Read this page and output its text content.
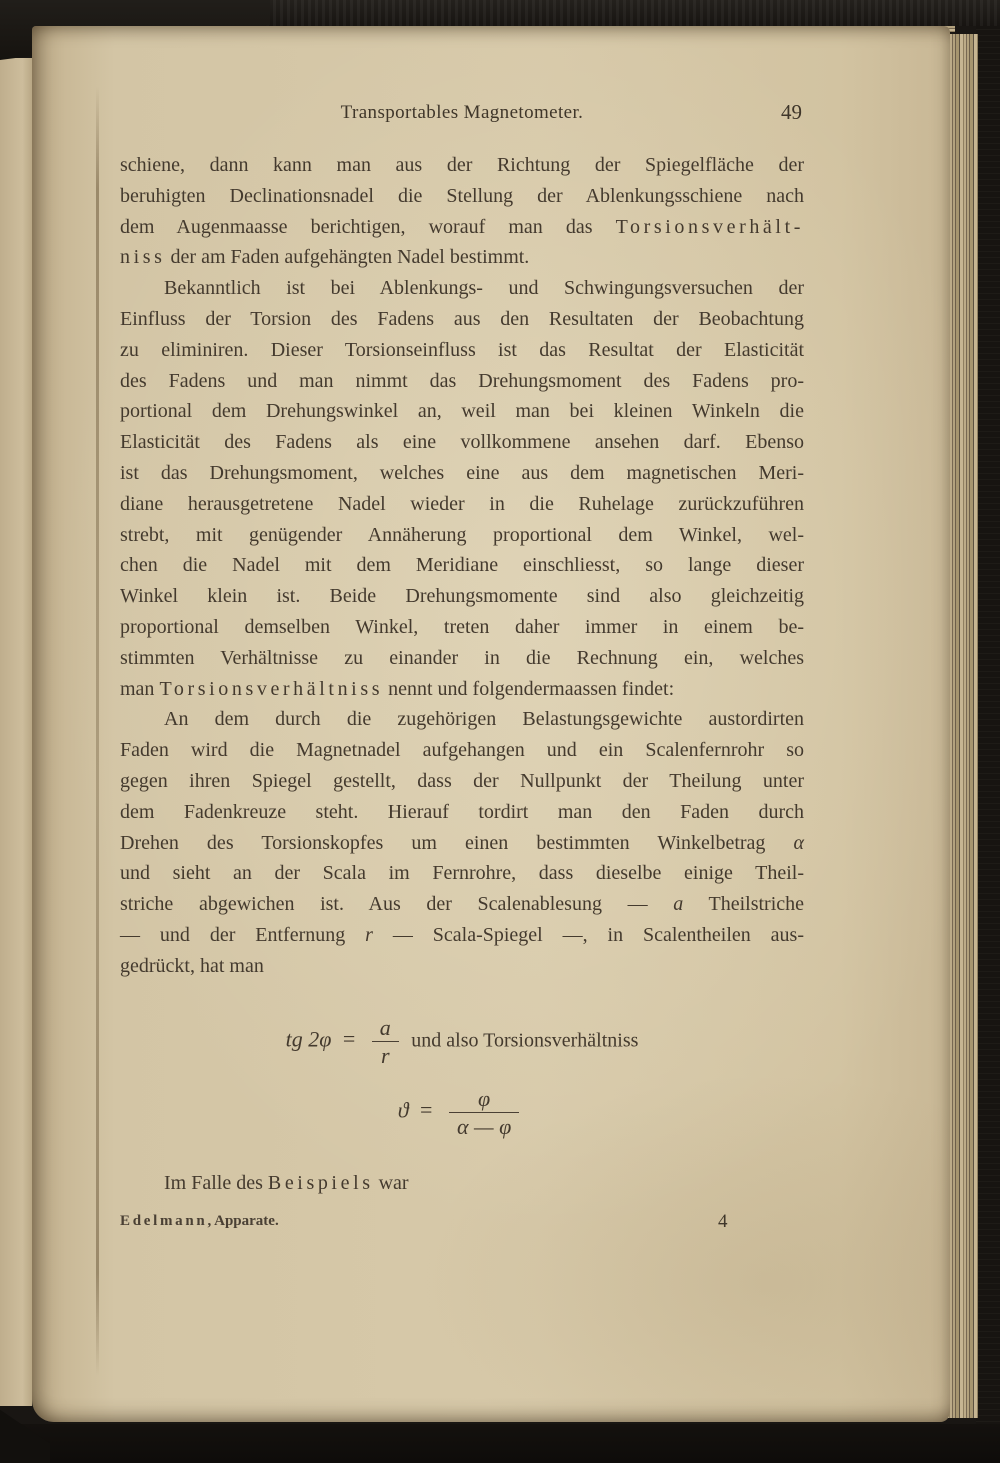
Transportables Magnetometer.	49
schiene, dann kann man aus der Richtung der Spiegelfläche der
beruhigten Declinationsnadel die Stellung der Ablenkungsschiene nach
dem Augenmaasse berichtigen, worauf man das Torsionsverhält-
niss der am Faden aufgehängten Nadel bestimmt.
Bekanntlich ist bei Ablenkungs- und Schwingungsversuchen der
Einfluss der Torsion des Fadens aus den Resultaten der Beobachtung
zu eliminiren. Dieser Torsionseinfluss ist das Resultat der Elasticität
des Fadens und man nimmt das Drehungsmoment des Fadens pro-
portional dem Drehungswinkel an, weil man bei kleinen Winkeln die
Elasticität des Fadens als eine vollkommene ansehen darf. Ebenso
ist das Drehungsmoment, welches eine aus dem magnetischen Meri-
diane herausgetretene Nadel wieder in die Ruhelage zurückzuführen
strebt, mit genügender Annäherung proportional dem Winkel, wel-
chen die Nadel mit dem Meridiane einschliesst, so lange dieser
Winkel klein ist. Beide Drehungsmomente sind also gleichzeitig
proportional demselben Winkel, treten daher immer in einem be-
stimmten Verhältnisse zu einander in die Rechnung ein, welches
man Torsionsverhältniss nennt und folgendermaassen findet:
An dem durch die zugehörigen Belastungsgewichte austordirten
Faden wird die Magnetnadel aufgehangen und ein Scalenfernrohr so
gegen ihren Spiegel gestellt, dass der Nullpunkt der Theilung unter
dem Fadenkreuze steht. Hierauf tordirt man den Faden durch
Drehen des Torsionskopfes um einen bestimmten Winkelbetrag α
und sieht an der Scala im Fernrohre, dass dieselbe einige Theil-
striche abgewichen ist. Aus der Scalenablesung — a Theilstriche
— und der Entfernung r — Scala-Spiegel —, in Scalentheilen aus-
gedrückt, hat man
tg $2\varphi = \frac{a}{r}$ und also Torsionsverhältniss
$ϑ = \frac{\varphi}{\alpha — \varphi}$
Im Falle des Beispiels war
Edelmann, Apparate.	4
